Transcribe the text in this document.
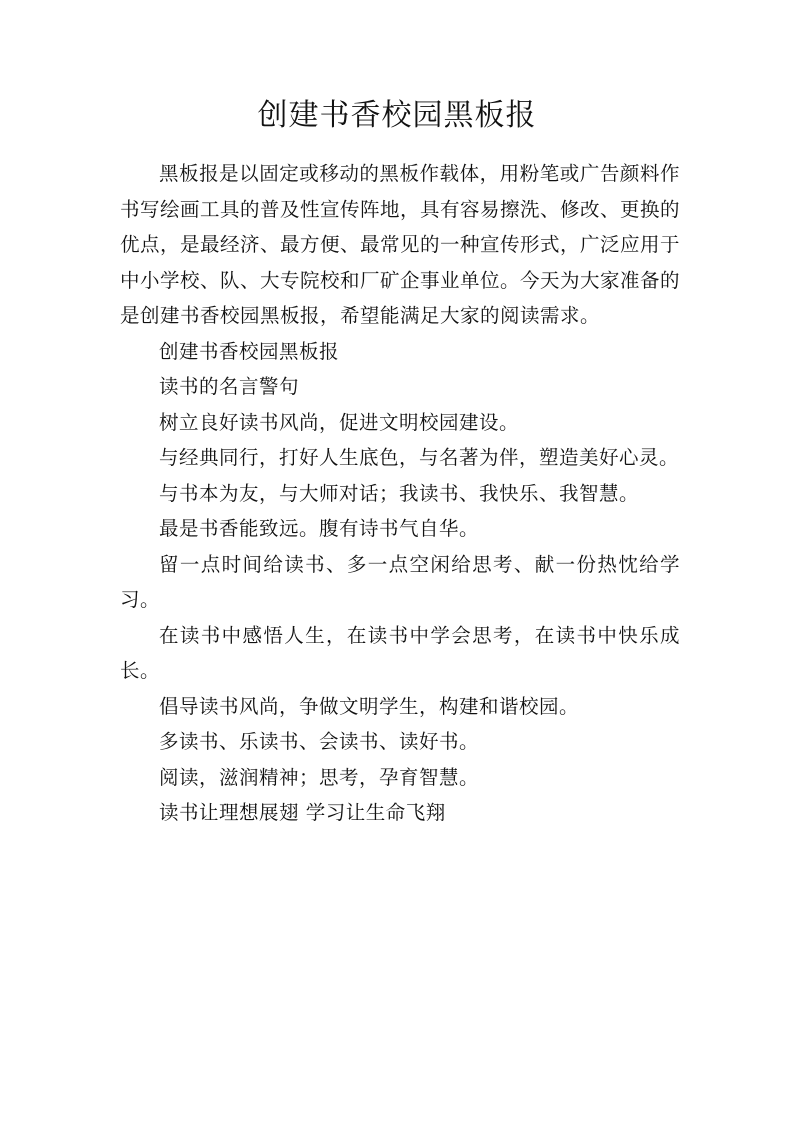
创建书香校园黑板报

黑板报是以固定或移动的黑板作载体，用粉笔或广告颜料作书写绘画工具的普及性宣传阵地，具有容易擦洗、修改、更换的优点，是最经济、最方便、最常见的一种宣传形式，广泛应用于中小学校、队、大专院校和厂矿企事业单位。今天为大家准备的是创建书香校园黑板报，希望能满足大家的阅读需求。

创建书香校园黑板报

读书的名言警句

树立良好读书风尚，促进文明校园建设。

与经典同行，打好人生底色，与名著为伴，塑造美好心灵。

与书本为友，与大师对话；我读书、我快乐、我智慧。

最是书香能致远。腹有诗书气自华。

留一点时间给读书、多一点空闲给思考、献一份热忱给学习。

在读书中感悟人生，在读书中学会思考，在读书中快乐成长。

倡导读书风尚，争做文明学生，构建和谐校园。

多读书、乐读书、会读书、读好书。

阅读，滋润精神；思考，孕育智慧。

读书让理想展翅 学习让生命飞翔
